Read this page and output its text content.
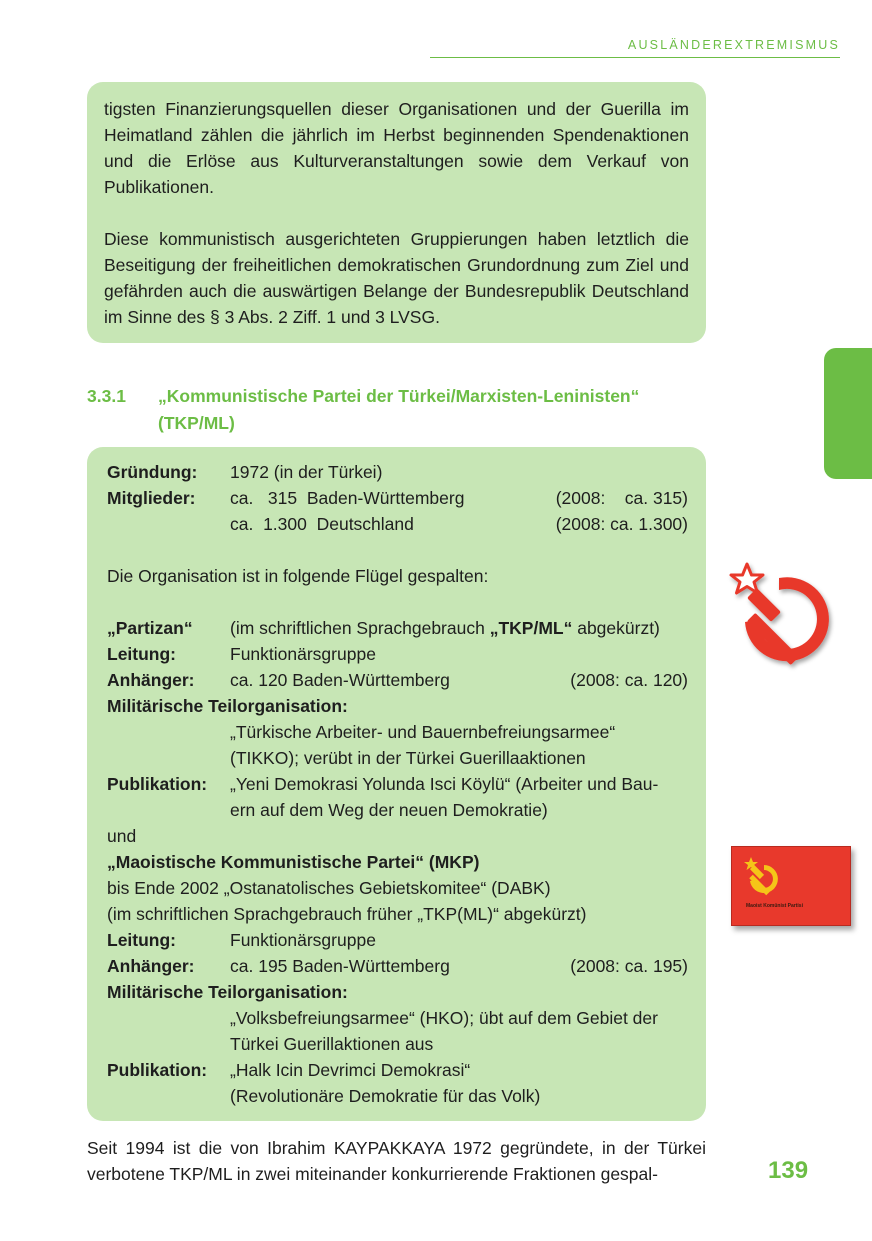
AUSLÄNDEREXTREMISMUS

tigsten Finanzierungsquellen dieser Organisationen und der Guerilla im Heimatland zählen die jährlich im Herbst beginnenden Spendenaktionen und die Erlöse aus Kulturveranstaltungen sowie dem Verkauf von Publikationen.

Diese kommunistisch ausgerichteten Gruppierungen haben letztlich die Beseitigung der freiheitlichen demokratischen Grundordnung zum Ziel und gefährden auch die auswärtigen Belange der Bundesrepublik Deutschland im Sinne des § 3 Abs. 2 Ziff. 1 und 3 LVSG.

3.3.1	„Kommunistische Partei der Türkei/Marxisten-Leninisten“
(TKP/ML)
Gründung: 1972 (in der Türkei)
Mitglieder: ca.   315  Baden-Württemberg	(2008:    ca. 315)
ca.  1.300  Deutschland	(2008: ca. 1.300)
Die Organisation ist in folgende Flügel gespalten:
„Partizan“ (im schriftlichen Sprachgebrauch „TKP/ML“ abgekürzt)
Leitung:	Funktionärsgruppe
Anhänger: ca. 120 Baden-Württemberg	(2008: ca. 120)
Militärische Teilorganisation:
„Türkische Arbeiter- und Bauernbefreiungsarmee“
(TIKKO); verübt in der Türkei Guerillaaktionen
Publikation: „Yeni Demokrasi Yolunda Isci Köylü“ (Arbeiter und Bau-
ern auf dem Weg der neuen Demokratie)
und
„Maoistische Kommunistische Partei“ (MKP)
bis Ende 2002 „Ostanatolisches Gebietskomitee“ (DABK)
(im schriftlichen Sprachgebrauch früher „TKP(ML)“ abgekürzt)
Leitung:	Funktionärsgruppe
Anhänger: ca. 195 Baden-Württemberg	(2008: ca. 195)
Militärische Teilorganisation:
„Volksbefreiungsarmee“ (HKO); übt auf dem Gebiet der
Türkei Guerillaktionen aus
Publikation: „Halk Icin Devrimci Demokrasi“
(Revolutionäre Demokratie für das Volk)
Maoist Komünist Partisi

Seit 1994 ist die von Ibrahim KAYPAKKAYA 1972 gegründete, in der Türkei verbotene TKP/ML in zwei miteinander konkurrierende Fraktionen gespal-	139
